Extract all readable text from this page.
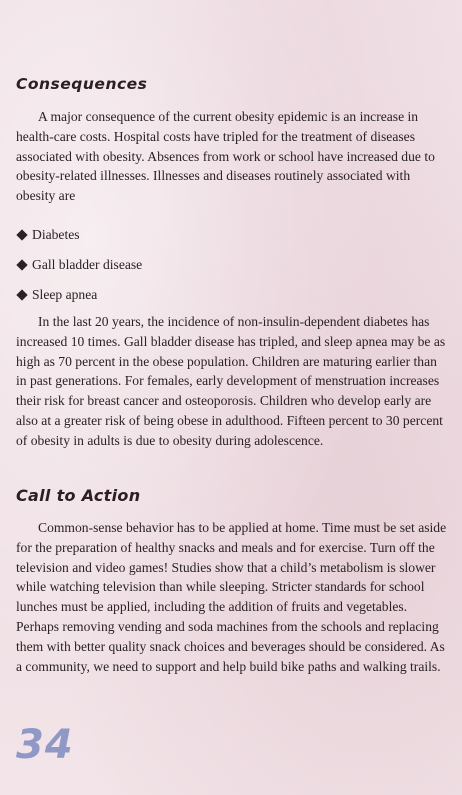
Consequences

A major consequence of the current obesity epidemic is an increase in health-care costs. Hospital costs have tripled for the treatment of diseases associated with obesity. Absences from work or school have increased due to obesity-related illnesses. Illnesses and diseases routinely associated with obesity are

Diabetes
Gall bladder disease
Sleep apnea

In the last 20 years, the incidence of non-insulin-dependent diabetes has increased 10 times. Gall bladder disease has tripled, and sleep apnea may be as high as 70 percent in the obese population. Children are maturing earlier than in past generations. For females, early development of menstruation increases their risk for breast cancer and osteoporosis. Children who develop early are also at a greater risk of being obese in adulthood. Fifteen percent to 30 percent of obesity in adults is due to obesity during adolescence.

Call to Action

Common-sense behavior has to be applied at home. Time must be set aside for the preparation of healthy snacks and meals and for exercise. Turn off the television and video games! Studies show that a child’s metabolism is slower while watching television than while sleeping. Stricter standards for school lunches must be applied, including the addition of fruits and vegetables. Perhaps removing vending and soda machines from the schools and replacing them with better quality snack choices and beverages should be considered. As a community, we need to support and help build bike paths and walking trails.

34
